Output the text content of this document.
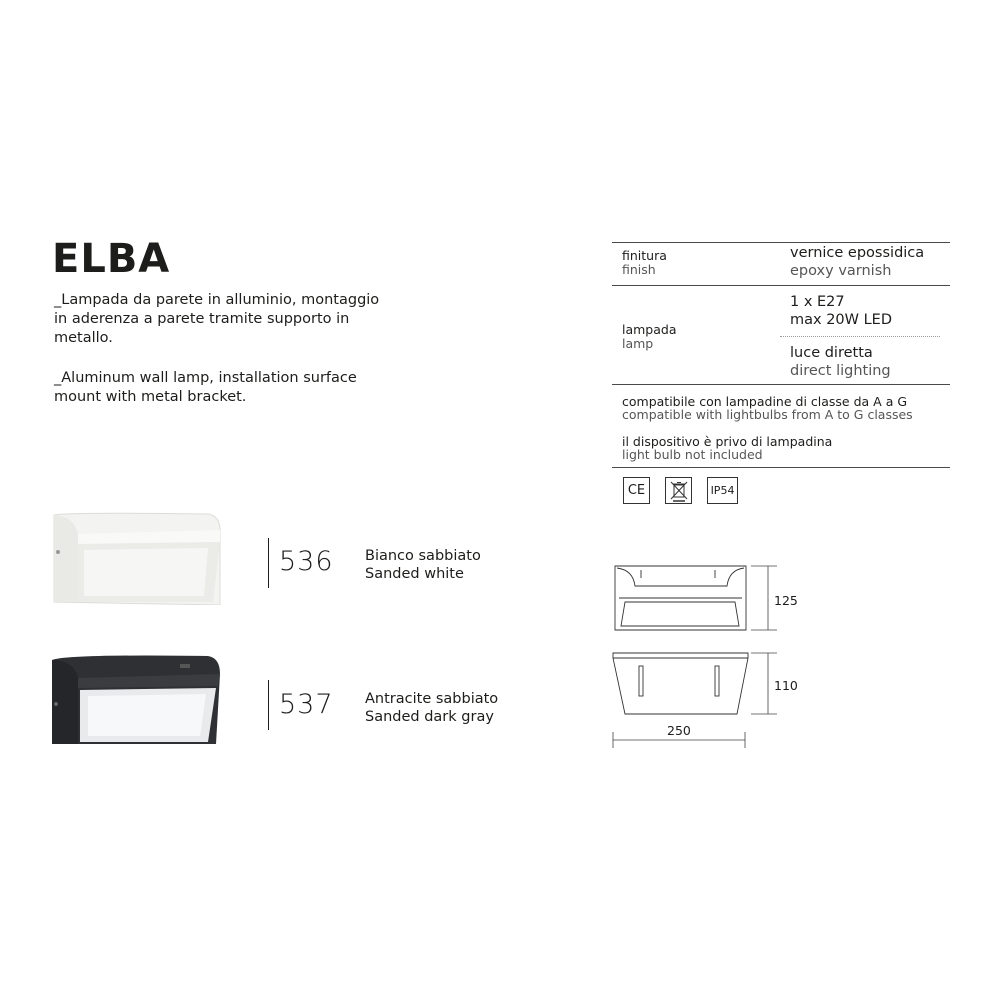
ELBA
_Lampada da parete in alluminio, montaggio in aderenza a parete tramite supporto in metallo.
_Aluminum wall lamp, installation surface mount with metal bracket.
finitura
finish
vernice epossidica
epoxy varnish
1 x E27
max 20W LED
lampada
lamp
luce diretta
direct lighting
compatibile con lampadine di classe da A a G
compatible with lightbulbs from A to G classes
il dispositivo è privo di lampadina
light bulb not included
CE	IP54
536 Bianco sabbiato
Sanded white
537 Antracite sabbiato
Sanded dark gray
125
110
250
